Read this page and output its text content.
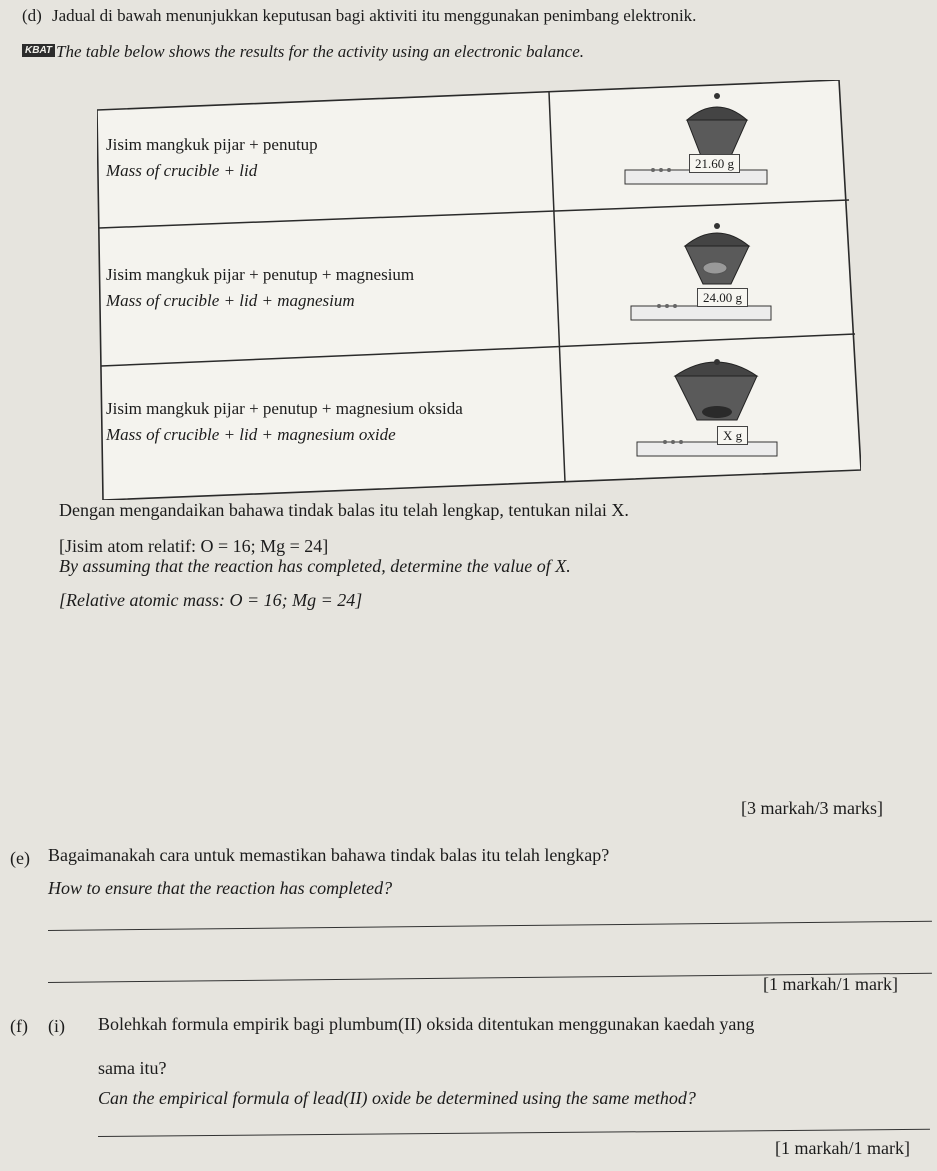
(d) Jadual di bawah menunjukkan keputusan bagi aktiviti itu menggunakan penimbang elektronik.
KBAT The table below shows the results for the activity using an electronic balance.
Jisim mangkuk pijar + penutup
Mass of crucible + lid	21.60 g
Jisim mangkuk pijar + penutup + magnesium
Mass of crucible + lid + magnesium	24.00 g
Jisim mangkuk pijar + penutup + magnesium oksida
Mass of crucible + lid + magnesium oxide	X g
Dengan mengandaikan bahawa tindak balas itu telah lengkap, tentukan nilai X.
[Jisim atom relatif: O = 16; Mg = 24]
By assuming that the reaction has completed, determine the value of X.
[Relative atomic mass: O = 16; Mg = 24]
[3 markah/3 marks]
(e) Bagaimanakah cara untuk memastikan bahawa tindak balas itu telah lengkap?
How to ensure that the reaction has completed?
[1 markah/1 mark]
(f) (i) Bolehkah formula empirik bagi plumbum(II) oksida ditentukan menggunakan kaedah yang
sama itu?
Can the empirical formula of lead(II) oxide be determined using the same method?
[1 markah/1 mark]
